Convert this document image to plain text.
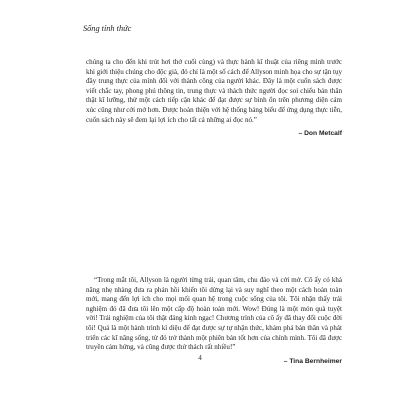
Sống tỉnh thức
chúng ta cho đến khi trút hơi thở cuối cùng) và thực hành kĩ thuật của riêng mình trước khi giới thiệu chúng cho độc giả, đó chỉ là một số cách để Allyson minh họa cho sự tận tụy đầy trung thực của mình đối với thành công của người khác. Đây là một cuốn sách được viết chắc tay, phong phú thông tin, trung thực và thách thức người đọc soi chiếu bản thân thật kĩ lưỡng, thử một cách tiếp cận khác để đạt được sự bình ổn trên phương diện cảm xúc cũng như cởi mở hơn. Được hoàn thiện với hệ thống bảng biểu để ứng dụng thực tiễn, cuốn sách này sẽ đem lại lợi ích cho tất cả những ai đọc nó.”
– Don Metcalf
“Trong mắt tôi, Allyson là người từng trải, quan tâm, chu đáo và cởi mở. Cô ấy có khả năng nhẹ nhàng đưa ra phản hồi khiến tôi dừng lại và suy nghĩ theo một cách hoàn toàn mới, mang đến lợi ích cho mọi mối quan hệ trong cuộc sống của tôi. Tôi nhận thấy trải nghiệm đó đã đưa tôi lên một cấp độ hoàn toàn mới. Wow! Đúng là một món quà tuyệt vời! Trải nghiệm của tôi thật đáng kinh ngạc! Chương trình của cô ấy đã thay đổi cuộc đời tôi! Quả là một hành trình kì diệu để đạt được sự tự nhận thức, khám phá bản thân và phát triển các kĩ năng sống, từ đó trở thành một phiên bản tốt hơn của chính mình. Tôi đã được truyền cảm hứng, và cũng được thử thách rất nhiều!”
– Tina Bernheimer
4
